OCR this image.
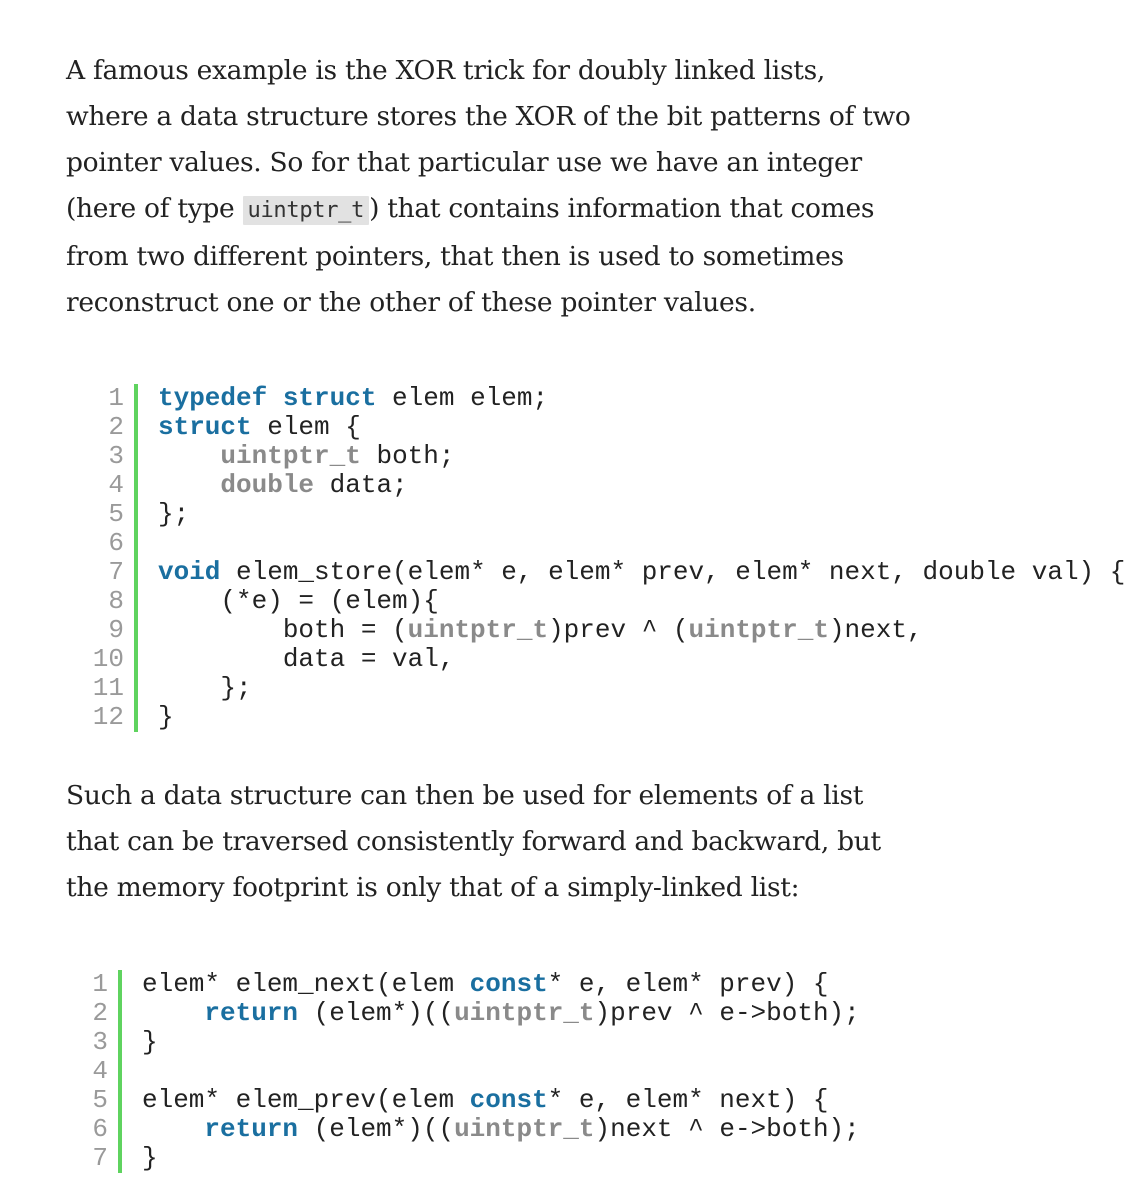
A famous example is the XOR trick for doubly linked lists,
where a data structure stores the XOR of the bit patterns of two
pointer values. So for that particular use we have an integer
(here of type uintptr_t ) that contains information that comes
from two different pointers, that then is used to sometimes
reconstruct one or the other of these pointer values.
1	typedef struct elem elem;
2	struct elem {
3	uintptr_t both;
4	double data;
5	};
6
7	void elem_store(elem* e, elem* prev, elem* next, double val) {
8	(*e) = (elem){
9	both = (uintptr_t)prev ^ (uintptr_t)next,
10	data = val,
11	};
12	}
Such a data structure can then be used for elements of a list
that can be traversed consistently forward and backward, but
the memory footprint is only that of a simply-linked list:
1	elem* elem_next(elem const* e, elem* prev) {
2	return (elem*)((uintptr_t)prev ^ e->both);
3	}
4
5	elem* elem_prev(elem const* e, elem* next) {
6	return (elem*)((uintptr_t)next ^ e->both);
7	}
